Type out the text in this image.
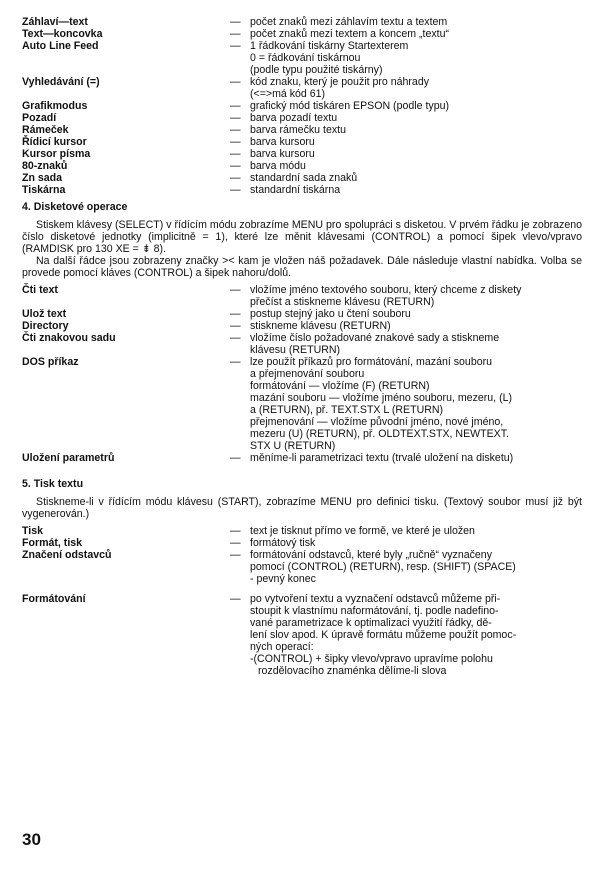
Záhlaví—text	— počet znaků mezi záhlavím textu a textem
Text—koncovka	— počet znaků mezi textem a koncem „textu“
Auto Line Feed	— 1 řádkování tiskárny Startexterem
0 = řádkování tiskárnou
(podle typu použité tiskárny)
Vyhledávání (=)	— kód znaku, který je použit pro náhrady
(<=>má kód 61)
Grafikmodus	— grafický mód tiskáren EPSON (podle typu)
Pozadí	— barva pozadí textu
Rámeček	— barva rámečku textu
Řídicí kursor	— barva kursoru
Kursor písma	— barva kursoru
80-znaků	— barva módu
Zn sada	— standardní sada znaků
Tiskárna	— standardní tiskárna
4. Disketové operace

Stiskem klávesy (SELECT) v řídícím módu zobrazíme MENU pro spolupráci s disketou. V prvém řádku je zobrazeno číslo disketové jednotky (implicitně = 1), které lze měnit klávesami (CONTROL) a pomocí šipek vlevo/vpravo (RAMDISK pro 130 XE = ⇟ 8).

Na další řádce jsou zobrazeny značky >< kam je vložen náš požadavek. Dále následuje vlastní nabídka. Volba se provede pomocí kláves (CONTROL) a šipek nahoru/dolů.

Čti text	— vložíme jméno textového souboru, který chceme z diskety
přečíst a stiskneme klávesu (RETURN)
Ulož text	— postup stejný jako u čtení souboru
Directory	— stiskneme klávesu (RETURN)
Čti znakovou sadu	— vložíme číslo požadované znakové sady a stiskneme
klávesu (RETURN)
DOS příkaz	— lze použít příkazů pro formátování, mazání souboru
a přejmenování souboru
formátování — vložíme (F) (RETURN)
mazání souboru — vložíme jméno souboru, mezeru, (L)
a (RETURN), př. TEXT.STX L (RETURN)
přejmenování — vložíme původní jméno, nové jméno,
mezeru (U) (RETURN), př. OLDTEXT.STX, NEWTEXT.
STX U (RETURN)
Uložení parametrů	— měníme-li parametrizaci textu (trvalé uložení na disketu)
5. Tisk textu

Stiskneme-li v řídícím módu klávesu (START), zobrazíme MENU pro definici tisku. (Textový soubor musí již být vygenerován.)

Tisk	— text je tisknut přímo ve formě, ve které je uložen
Formát, tisk	— formátový tisk
Značení odstavců	— formátování odstavců, které byly „ručně“ vyznačeny
pomocí (CONTROL) (RETURN), resp. (SHIFT) (SPACE)
- pevný konec
Formátování	— po vytvoření textu a vyznačení odstavců můžeme při-
stoupit k vlastnímu naformátování, tj. podle nadefino-
vané parametrizace k optimalizaci využití řádky, dě-
lení slov apod. K úpravě formátu můžeme použít pomoc-
ných operací:
-(CONTROL) + šipky vlevo/vpravo upravíme polohu
rozdělovacího znaménka dělíme-li slova
30
